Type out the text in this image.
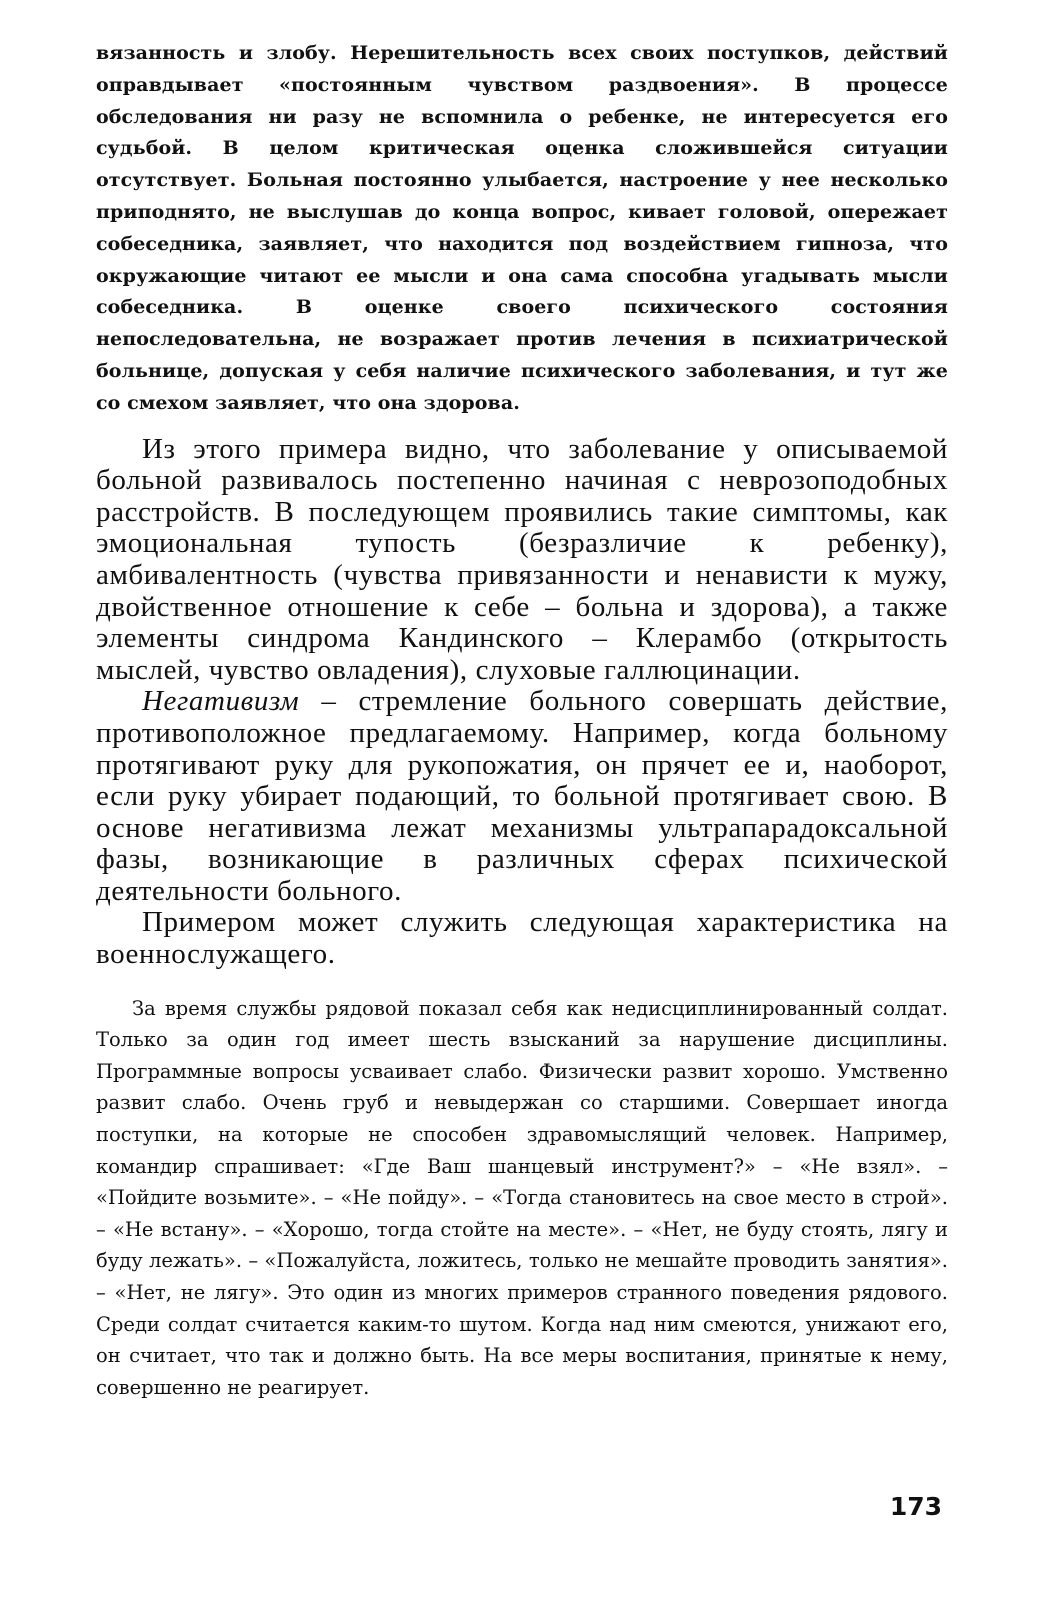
вязанность и злобу. Нерешительность всех своих поступков, действий оправдывает «постоянным чувством раздвоения». В процессе обследования ни разу не вспомнила о ребенке, не интересуется его судьбой. В целом критическая оценка сложившейся ситуации отсутствует. Больная постоянно улыбается, настроение у нее несколько приподнято, не выслушав до конца вопрос, кивает головой, опережает собеседника, заявляет, что находится под воздействием гипноза, что окружающие читают ее мысли и она сама способна угадывать мысли собеседника. В оценке своего психического состояния непоследовательна, не возражает против лечения в психиатрической больнице, допуская у себя наличие психического заболевания, и тут же со смехом заявляет, что она здорова.

Из этого примера видно, что заболевание у описываемой больной развивалось постепенно начиная с неврозоподобных расстройств. В последующем проявились такие симптомы, как эмоциональная тупость (безразличие к ребенку), амбивалентность (чувства привязанности и ненависти к мужу, двойственное отношение к себе – больна и здорова), а также элементы синдрома Кандинского – Клерамбо (открытость мыслей, чувство овладения), слуховые галлюцинации.

Негативизм – стремление больного совершать действие, противоположное предлагаемому. Например, когда больному протягивают руку для рукопожатия, он прячет ее и, наоборот, если руку убирает подающий, то больной протягивает свою. В основе негативизма лежат механизмы ультрапарадоксальной фазы, возникающие в различных сферах психической деятельности больного.

Примером может служить следующая характеристика на военнослужащего.

За время службы рядовой показал себя как недисциплинированный солдат. Только за один год имеет шесть взысканий за нарушение дисциплины. Программные вопросы усваивает слабо. Физически развит хорошо. Умственно развит слабо. Очень груб и невыдержан со старшими. Совершает иногда поступки, на которые не способен здравомыслящий человек. Например, командир спрашивает: «Где Ваш шанцевый инструмент?» – «Не взял». – «Пойдите возьмите». – «Не пойду». – «Тогда становитесь на свое место в строй». – «Не встану». – «Хорошо, тогда стойте на месте». – «Нет, не буду стоять, лягу и буду лежать». – «Пожалуйста, ложитесь, только не мешайте проводить занятия». – «Нет, не лягу». Это один из многих примеров странного поведения рядового. Среди солдат считается каким-то шутом. Когда над ним смеются, унижают его, он считает, что так и должно быть. На все меры воспитания, принятые к нему, совершенно не реагирует.

173
